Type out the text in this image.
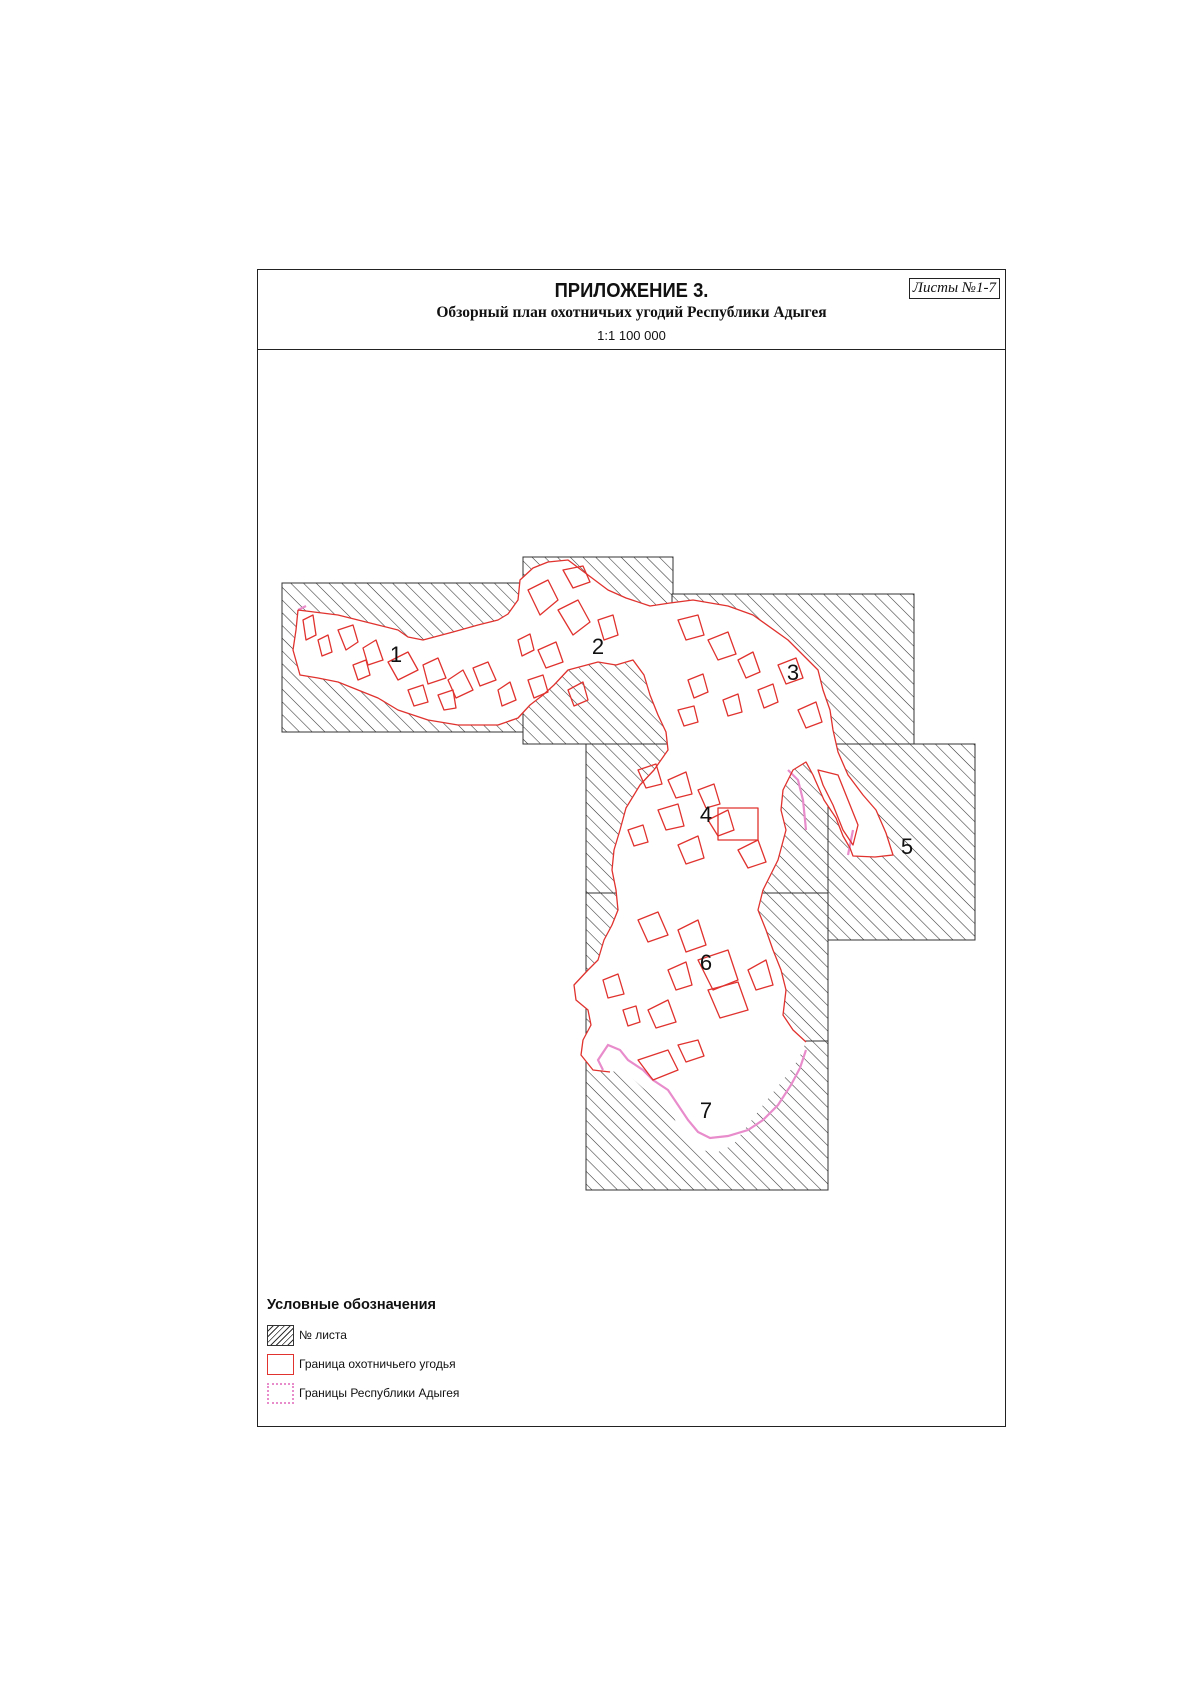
ПРИЛОЖЕНИЕ 3.
Обзорный план охотничьих угодий Республики Адыгея
1:1 100 000
Листы №1-7
1	2
3
4
5
6
7
Условные обозначения
№ листа
Граница охотничьего угодья
Границы Республики Адыгея
